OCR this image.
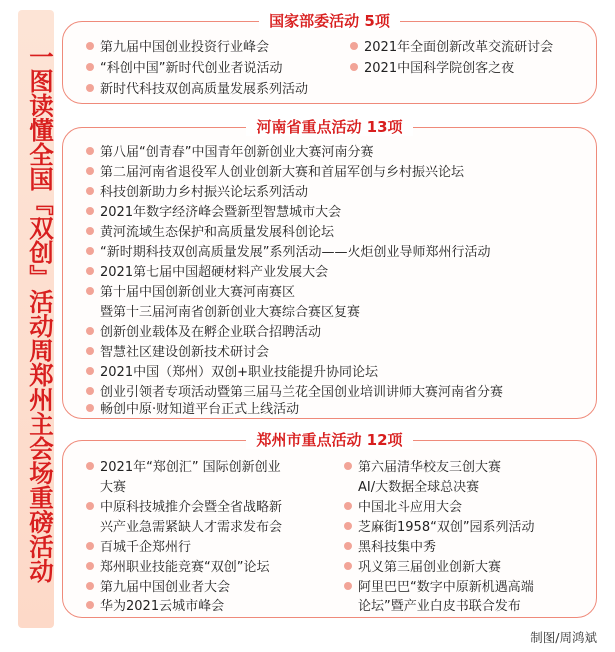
一图读懂全国『双创』活动周郑州主会场重磅活动
国家部委活动 5项
第九届中国创业投资行业峰会
“科创中国”新时代创业者说活动
新时代科技双创高质量发展系列活动
2021年全面创新改革交流研讨会
2021中国科学院创客之夜
河南省重点活动 13项
第八届“创青春”中国青年创新创业大赛河南分赛
第二届河南省退役军人创业创新大赛和首届军创与乡村振兴论坛
科技创新助力乡村振兴论坛系列活动
2021年数字经济峰会暨新型智慧城市大会
黄河流域生态保护和高质量发展科创论坛
“新时期科技双创高质量发展”系列活动——火炬创业导师郑州行活动
2021第七届中国超硬材料产业发展大会
第十届中国创新创业大赛河南赛区
暨第十三届河南省创新创业大赛综合赛区复赛
创新创业载体及在孵企业联合招聘活动
智慧社区建设创新技术研讨会
2021中国（郑州）双创+职业技能提升协同论坛
创业引领者专项活动暨第三届马兰花全国创业培训讲师大赛河南省分赛
畅创中原·财知道平台正式上线活动
郑州市重点活动 12项
2021年“郑创汇” 国际创新创业
大赛
中原科技城推介会暨全省战略新
兴产业急需紧缺人才需求发布会
百城千企郑州行
郑州职业技能竞赛“双创”论坛
第九届中国创业者大会
华为2021云城市峰会
第六届清华校友三创大赛
AI/大数据全球总决赛
中国北斗应用大会
芝麻街1958“双创”园系列活动
黑科技集中秀
巩义第三届创业创新大赛
阿里巴巴“数字中原新机遇高端
论坛”暨产业白皮书联合发布
制图/周鸿斌
